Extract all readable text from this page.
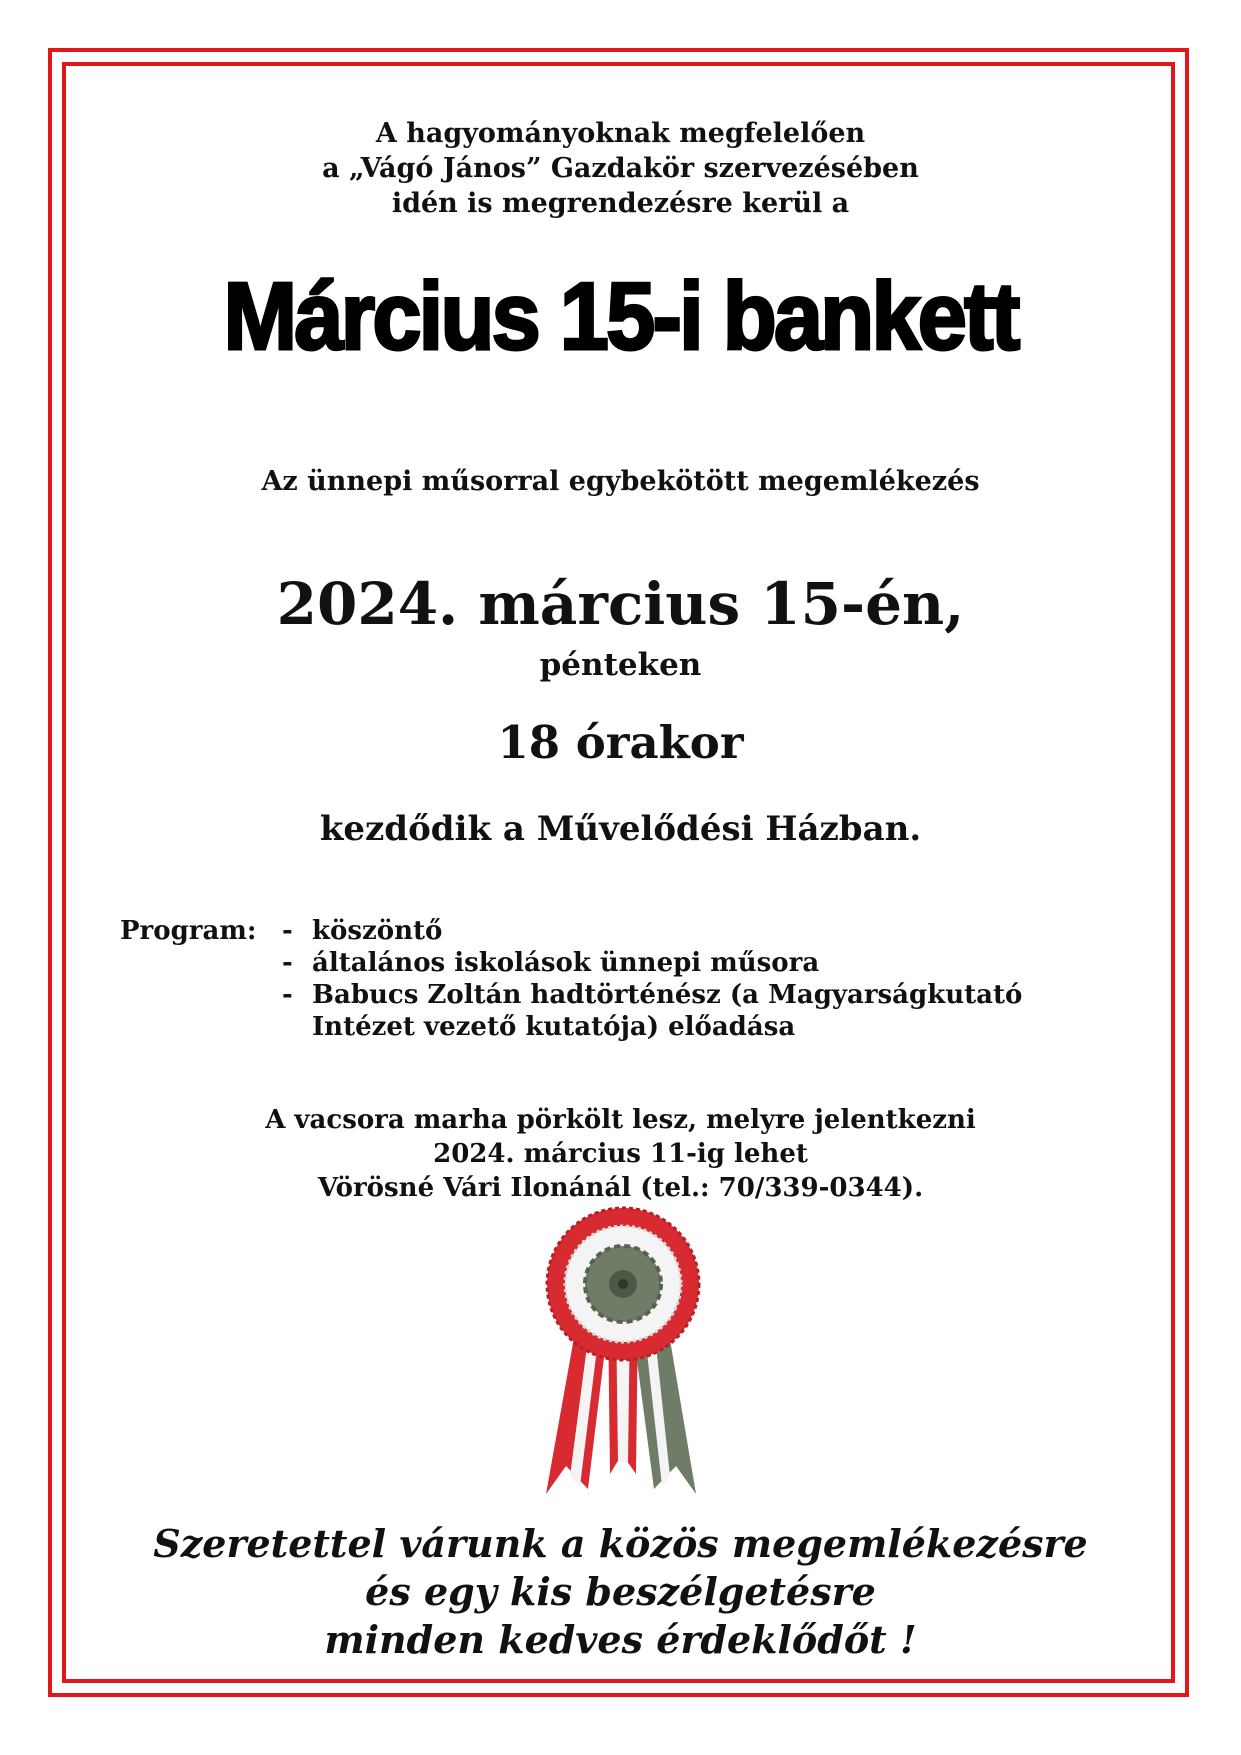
A hagyományoknak megfelelően
a „Vágó János” Gazdakör szervezésében
idén is megrendezésre kerül a
Március 15-i bankett
Az ünnepi műsorral egybekötött megemlékezés
2024. március 15-én,
pénteken
18 órakor
kezdődik a Művelődési Házban.
Program: - köszöntő
- általános iskolások ünnepi műsora
- Babucs Zoltán hadtörténész (a Magyarságkutató
Intézet vezető kutatója) előadása
A vacsora marha pörkölt lesz, melyre jelentkezni
2024. március 11-ig lehet
Vörösné Vári Ilonánál (tel.: 70/339-0344).
Szeretettel várunk a közös megemlékezésre
és egy kis beszélgetésre
minden kedves érdeklődőt !
